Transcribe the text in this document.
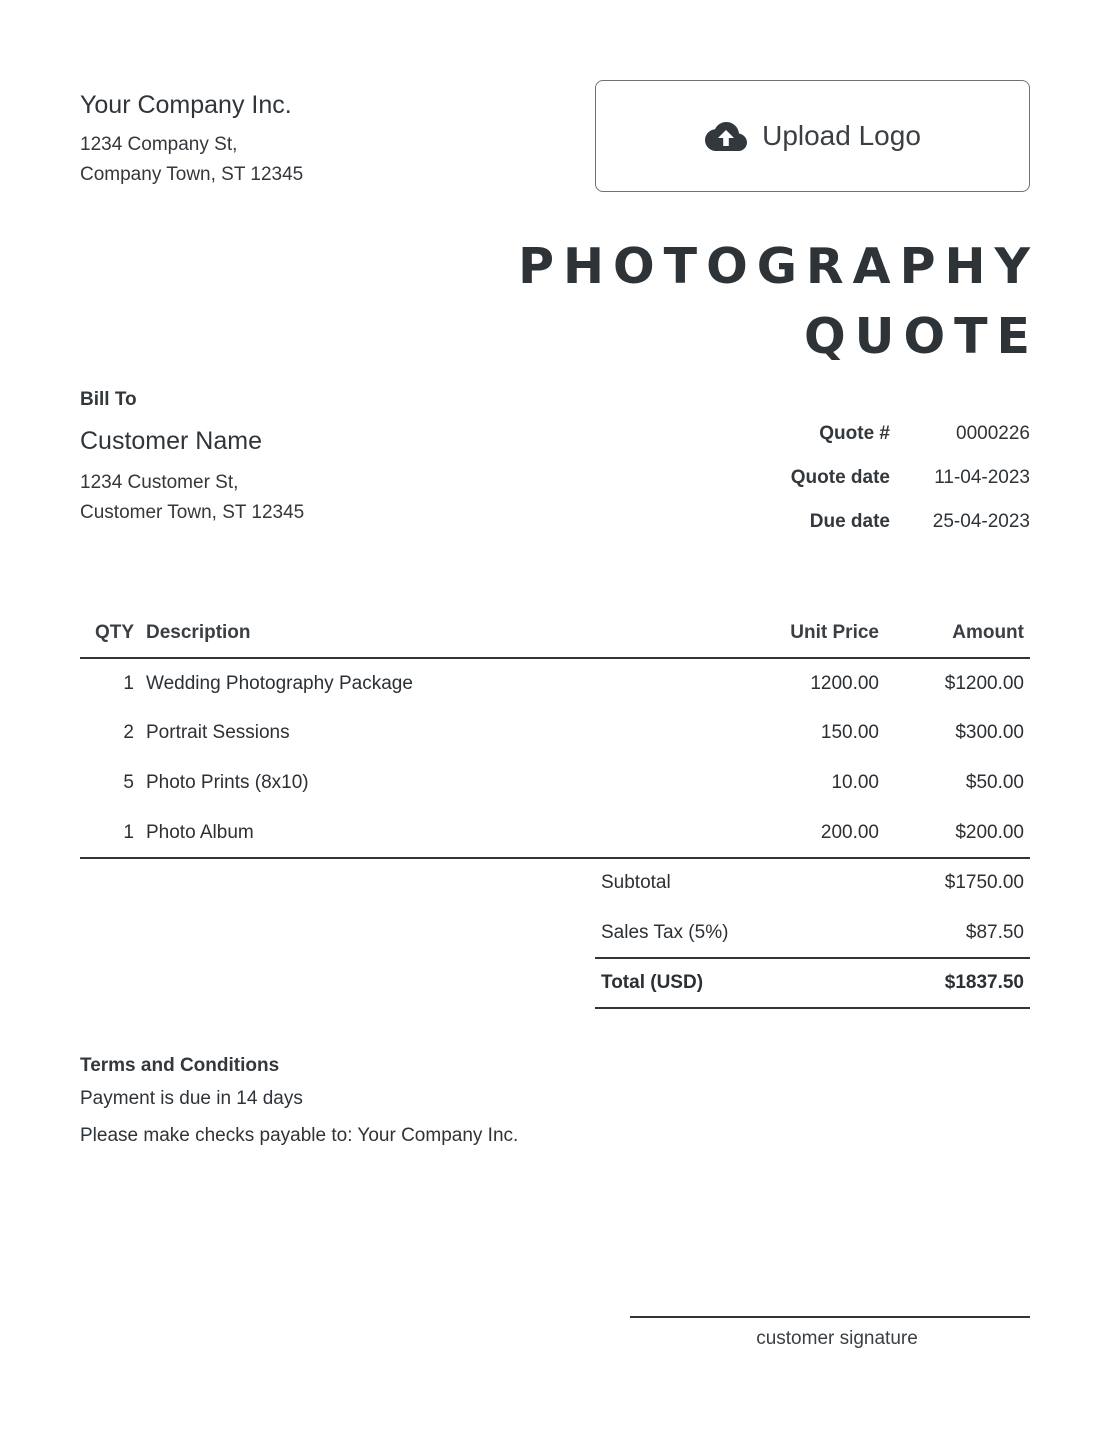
Your Company Inc.
1234 Company St,
Company Town, ST 12345
Upload Logo
PHOTOGRAPHY
QUOTE
Bill To
Customer Name
1234 Customer St,
Customer Town, ST 12345
Quote #	0000226
Quote date	11-04-2023
Due date	25-04-2023
QTY	Description	Unit Price	Amount
1	Wedding Photography Package	1200.00	$1200.00
2	Portrait Sessions	150.00	$300.00
5	Photo Prints (8x10)	10.00	$50.00
1	Photo Album	200.00	$200.00
Subtotal	$1750.00
Sales Tax (5%)	$87.50
Total (USD)	$1837.50
Terms and Conditions
Payment is due in 14 days
Please make checks payable to: Your Company Inc.
customer signature
